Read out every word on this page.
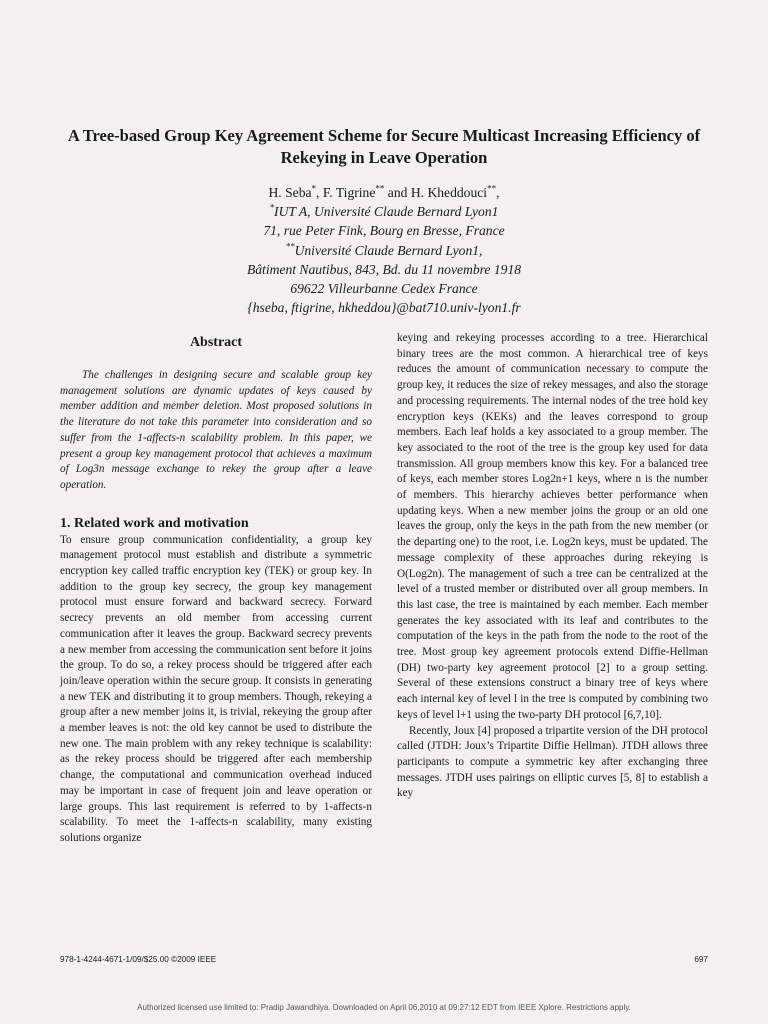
A Tree-based Group Key Agreement Scheme for Secure Multicast Increasing Efficiency of Rekeying in Leave Operation
H. Seba*, F. Tigrine** and H. Kheddouci**,
*IUT A, Université Claude Bernard Lyon1
71, rue Peter Fink, Bourg en Bresse, France
**Université Claude Bernard Lyon1,
Bâtiment Nautibus, 843, Bd. du 11 novembre 1918
69622 Villeurbanne Cedex France
{hseba, ftigrine, hkheddou}@bat710.univ-lyon1.fr
Abstract

The challenges in designing secure and scalable group key management solutions are dynamic updates of keys caused by member addition and member deletion. Most proposed solutions in the literature do not take this parameter into consideration and so suffer from the 1-affects-n scalability problem. In this paper, we present a group key management protocol that achieves a maximum of Log3n message exchange to rekey the group after a leave operation.

1. Related work and motivation

To ensure group communication confidentiality, a group key management protocol must establish and distribute a symmetric encryption key called traffic encryption key (TEK) or group key. In addition to the group key secrecy, the group key management protocol must ensure forward and backward secrecy. Forward secrecy prevents an old member from accessing current communication after it leaves the group. Backward secrecy prevents a new member from accessing the communication sent before it joins the group. To do so, a rekey process should be triggered after each join/leave operation within the secure group. It consists in generating a new TEK and distributing it to group members. Though, rekeying a group after a new member joins it, is trivial, rekeying the group after a member leaves is not: the old key cannot be used to distribute the new one. The main problem with any rekey technique is scalability: as the rekey process should be triggered after each membership change, the computational and communication overhead induced may be important in case of frequent join and leave operation or large groups. This last requirement is referred to by 1-affects-n scalability. To meet the 1-affects-n scalability, many existing solutions organize

keying and rekeying processes according to a tree. Hierarchical binary trees are the most common. A hierarchical tree of keys reduces the amount of communication necessary to compute the group key, it reduces the size of rekey messages, and also the storage and processing requirements. The internal nodes of the tree hold key encryption keys (KEKs) and the leaves correspond to group members. Each leaf holds a key associated to a group member. The key associated to the root of the tree is the group key used for data transmission. All group members know this key. For a balanced tree of keys, each member stores Log2n+1 keys, where n is the number of members. This hierarchy achieves better performance when updating keys. When a new member joins the group or an old one leaves the group, only the keys in the path from the new member (or the departing one) to the root, i.e. Log2n keys, must be updated. The message complexity of these approaches during rekeying is O(Log2n). The management of such a tree can be centralized at the level of a trusted member or distributed over all group members. In this last case, the tree is maintained by each member. Each member generates the key associated with its leaf and contributes to the computation of the keys in the path from the node to the root of the tree. Most group key agreement protocols extend Diffie-Hellman (DH) two-party key agreement protocol [2] to a group setting. Several of these extensions construct a binary tree of keys where each internal key of level l in the tree is computed by combining two keys of level l+1 using the two-party DH protocol [6,7,10].

Recently, Joux [4] proposed a tripartite version of the DH protocol called (JTDH: Joux’s Tripartite Diffie Hellman). JTDH allows three participants to compute a symmetric key after exchanging three messages. JTDH uses pairings on elliptic curves [5, 8] to establish a key

978-1-4244-4671-1/09/$25.00 ©2009 IEEE	697
Authorized licensed use limited to: Pradip Jawandhiya. Downloaded on April 06,2010 at 09:27:12 EDT from IEEE Xplore. Restrictions apply.
